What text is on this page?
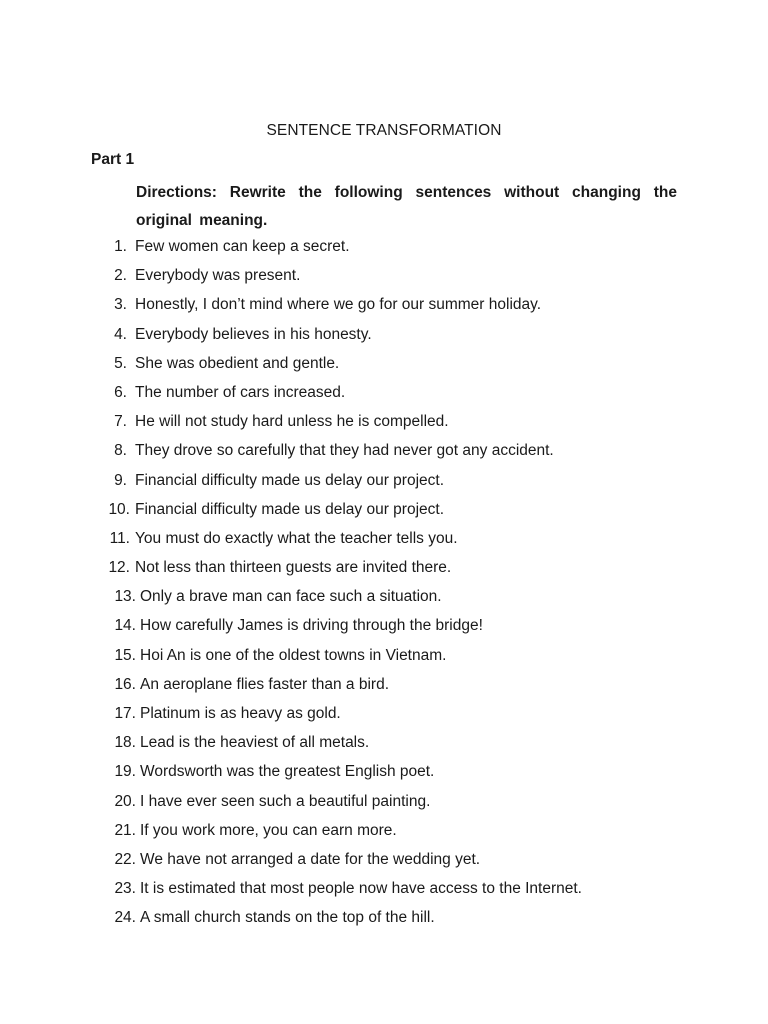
SENTENCE TRANSFORMATION
Part 1
Directions: Rewrite the following sentences without changing the original meaning.
1. Few women can keep a secret.
2. Everybody was present.
3. Honestly, I don’t mind where we go for our summer holiday.
4. Everybody believes in his honesty.
5. She was obedient and gentle.
6. The number of cars increased.
7. He will not study hard unless he is compelled.
8. They drove so carefully that they had never got any accident.
9. Financial difficulty made us delay our project.
10. Financial difficulty made us delay our project.
11. You must do exactly what the teacher tells you.
12. Not less than thirteen guests are invited there.
13. Only a brave man can face such a situation.
14. How carefully James is driving through the bridge!
15. Hoi An is one of the oldest towns in Vietnam.
16. An aeroplane flies faster than a bird.
17. Platinum is as heavy as gold.
18. Lead is the heaviest of all metals.
19. Wordsworth was the greatest English poet.
20. I have ever seen such a beautiful painting.
21. If you work more, you can earn more.
22. We have not arranged a date for the wedding yet.
23. It is estimated that most people now have access to the Internet.
24. A small church stands on the top of the hill.
